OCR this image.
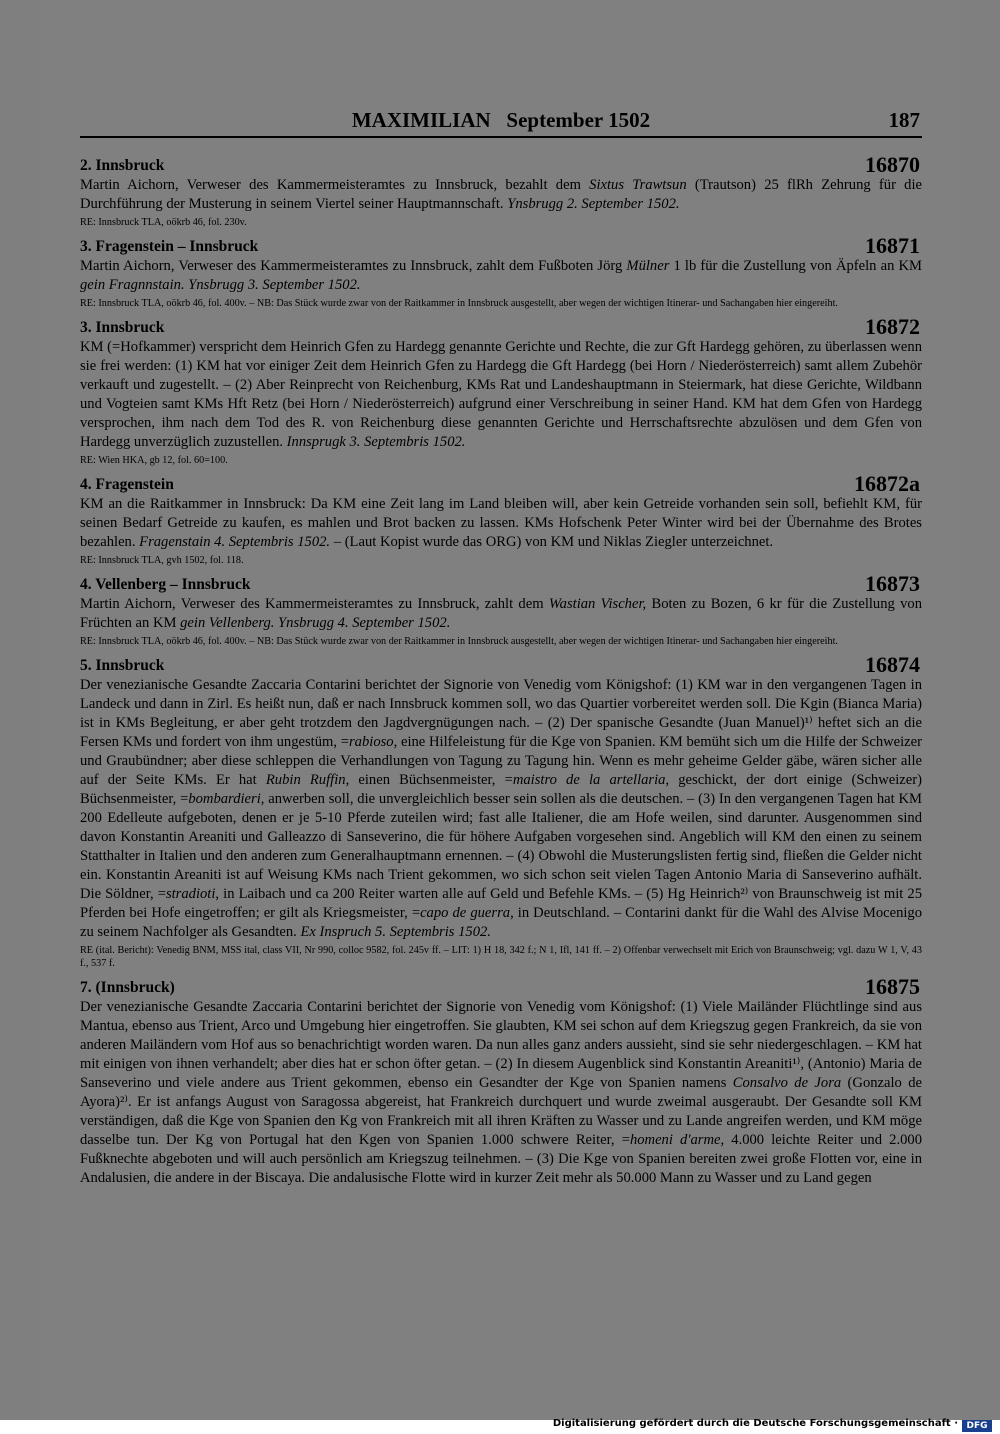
MAXIMILIAN   September 1502	187
2. Innsbruck	16870
Martin Aichorn, Verweser des Kammermeisteramtes zu Innsbruck, bezahlt dem Sixtus Trawtsun (Trautson) 25 flRh Zehrung für die Durchführung der Musterung in seinem Viertel seiner Hauptmannschaft. Ynsbrugg 2. September 1502.
RE: Innsbruck TLA, oökrb 46, fol. 230v.
3. Fragenstein – Innsbruck	16871
Martin Aichorn, Verweser des Kammermeisteramtes zu Innsbruck, zahlt dem Fußboten Jörg Mülner 1 lb für die Zustellung von Äpfeln an KM gein Fragnnstain. Ynsbrugg 3. September 1502.
RE: Innsbruck TLA, oökrb 46, fol. 400v. – NB: Das Stück wurde zwar von der Raitkammer in Innsbruck ausgestellt, aber wegen der wichtigen Itinerar- und Sachangaben hier eingereiht.
3. Innsbruck	16872
KM (=Hofkammer) verspricht dem Heinrich Gfen zu Hardegg genannte Gerichte und Rechte, die zur Gft Hardegg gehören, zu überlassen wenn sie frei werden: (1) KM hat vor einiger Zeit dem Heinrich Gfen zu Hardegg die Gft Hardegg (bei Horn / Niederösterreich) samt allem Zubehör verkauft und zugestellt. – (2) Aber Reinprecht von Reichenburg, KMs Rat und Landeshauptmann in Steiermark, hat diese Gerichte, Wildbann und Vogteien samt KMs Hft Retz (bei Horn / Niederösterreich) aufgrund einer Verschreibung in seiner Hand. KM hat dem Gfen von Hardegg versprochen, ihm nach dem Tod des R. von Reichenburg diese genannten Gerichte und Herrschaftsrechte abzulösen und dem Gfen von Hardegg unverzüglich zuzustellen. Innsprugk 3. Septembris 1502.
RE: Wien HKA, gb 12, fol. 60=100.
4. Fragenstein	16872a
KM an die Raitkammer in Innsbruck: Da KM eine Zeit lang im Land bleiben will, aber kein Getreide vorhanden sein soll, befiehlt KM, für seinen Bedarf Getreide zu kaufen, es mahlen und Brot backen zu lassen. KMs Hofschenk Peter Winter wird bei der Übernahme des Brotes bezahlen. Fragenstain 4. Septembris 1502. – (Laut Kopist wurde das ORG) von KM und Niklas Ziegler unterzeichnet.
RE: Innsbruck TLA, gvh 1502, fol. 118.
4. Vellenberg – Innsbruck	16873
Martin Aichorn, Verweser des Kammermeisteramtes zu Innsbruck, zahlt dem Wastian Vischer, Boten zu Bozen, 6 kr für die Zustellung von Früchten an KM gein Vellenberg. Ynsbrugg 4. September 1502.
RE: Innsbruck TLA, oökrb 46, fol. 400v. – NB: Das Stück wurde zwar von der Raitkammer in Innsbruck ausgestellt, aber wegen der wichtigen Itinerar- und Sachangaben hier eingereiht.
5. Innsbruck	16874
Der venezianische Gesandte Zaccaria Contarini berichtet der Signorie von Venedig vom Königshof: (1) KM war in den vergangenen Tagen in Landeck und dann in Zirl. Es heißt nun, daß er nach Innsbruck kommen soll, wo das Quartier vorbereitet werden soll. Die Kgin (Bianca Maria) ist in KMs Begleitung, er aber geht trotzdem den Jagdvergnügungen nach. – (2) Der spanische Gesandte (Juan Manuel)¹⁾ heftet sich an die Fersen KMs und fordert von ihm ungestüm, =rabioso, eine Hilfeleistung für die Kge von Spanien. KM bemüht sich um die Hilfe der Schweizer und Graubündner; aber diese schleppen die Verhandlungen von Tagung zu Tagung hin. Wenn es mehr geheime Gelder gäbe, wären sicher alle auf der Seite KMs. Er hat Rubin Ruffin, einen Büchsenmeister, =maistro de la artellaria, geschickt, der dort einige (Schweizer) Büchsenmeister, =bombardieri, anwerben soll, die unvergleichlich besser sein sollen als die deutschen. – (3) In den vergangenen Tagen hat KM 200 Edelleute aufgeboten, denen er je 5-10 Pferde zuteilen wird; fast alle Italiener, die am Hofe weilen, sind darunter. Ausgenommen sind davon Konstantin Areaniti und Galleazzo di Sanseverino, die für höhere Aufgaben vorgesehen sind. Angeblich will KM den einen zu seinem Statthalter in Italien und den anderen zum Generalhauptmann ernennen. – (4) Obwohl die Musterungslisten fertig sind, fließen die Gelder nicht ein. Konstantin Areaniti ist auf Weisung KMs nach Trient gekommen, wo sich schon seit vielen Tagen Antonio Maria di Sanseverino aufhält. Die Söldner, =stradioti, in Laibach und ca 200 Reiter warten alle auf Geld und Befehle KMs. – (5) Hg Heinrich²⁾ von Braunschweig ist mit 25 Pferden bei Hofe eingetroffen; er gilt als Kriegsmeister, =capo de guerra, in Deutschland. – Contarini dankt für die Wahl des Alvise Mocenigo zu seinem Nachfolger als Gesandten. Ex Inspruch 5. Septembris 1502.
RE (ital. Bericht): Venedig BNM, MSS ital, class VII, Nr 990, colloc 9582, fol. 245v ff. – LIT: 1) H 18, 342 f.; N 1, Ifl, 141 ff. – 2) Offenbar verwechselt mit Erich von Braunschweig; vgl. dazu W 1, V, 43 f., 537 f.
7. (Innsbruck)	16875
Der venezianische Gesandte Zaccaria Contarini berichtet der Signorie von Venedig vom Königshof: (1) Viele Mailänder Flüchtlinge sind aus Mantua, ebenso aus Trient, Arco und Umgebung hier eingetroffen. Sie glaubten, KM sei schon auf dem Kriegszug gegen Frankreich, da sie von anderen Mailändern vom Hof aus so benachrichtigt worden waren. Da nun alles ganz anders aussieht, sind sie sehr niedergeschlagen. – KM hat mit einigen von ihnen verhandelt; aber dies hat er schon öfter getan. – (2) In diesem Augenblick sind Konstantin Areaniti¹⁾, (Antonio) Maria de Sanseverino und viele andere aus Trient gekommen, ebenso ein Gesandter der Kge von Spanien namens Consalvo de Jora (Gonzalo de Ayora)²⁾. Er ist anfangs August von Saragossa abgereist, hat Frankreich durchquert und wurde zweimal ausgeraubt. Der Gesandte soll KM verständigen, daß die Kge von Spanien den Kg von Frankreich mit all ihren Kräften zu Wasser und zu Lande angreifen werden, und KM möge dasselbe tun. Der Kg von Portugal hat den Kgen von Spanien 1.000 schwere Reiter, =homeni d'arme, 4.000 leichte Reiter und 2.000 Fußknechte abgeboten und will auch persönlich am Kriegszug teilnehmen. – (3) Die Kge von Spanien bereiten zwei große Flotten vor, eine in Andalusien, die andere in der Biscaya. Die andalusische Flotte wird in kurzer Zeit mehr als 50.000 Mann zu Wasser und zu Land gegen
Digitalisierung gefördert durch die Deutsche Forschungsgemeinschaft · DFG
